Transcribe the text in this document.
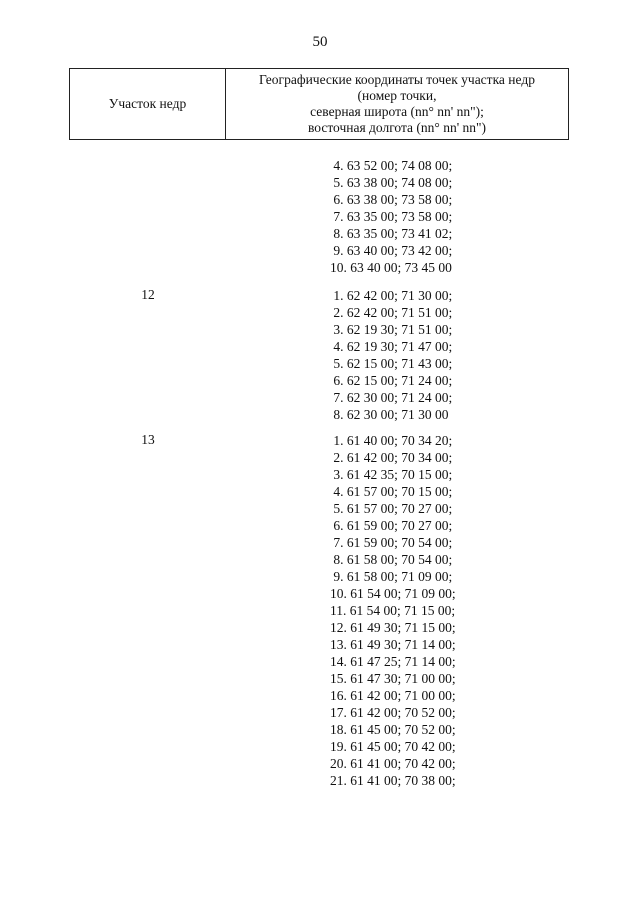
50
Участок недр
Географические координаты точек участка недр
(номер точки,
северная широта (nn° nn' nn");
восточная долгота (nn° nn' nn")
4. 63 52 00; 74 08 00;
5. 63 38 00; 74 08 00;
6. 63 38 00; 73 58 00;
7. 63 35 00; 73 58 00;
8. 63 35 00; 73 41 02;
9. 63 40 00; 73 42 00;
10. 63 40 00; 73 45 00
12	1. 62 42 00; 71 30 00;
2. 62 42 00; 71 51 00;
3. 62 19 30; 71 51 00;
4. 62 19 30; 71 47 00;
5. 62 15 00; 71 43 00;
6. 62 15 00; 71 24 00;
7. 62 30 00; 71 24 00;
8. 62 30 00; 71 30 00
13	1. 61 40 00; 70 34 20;
2. 61 42 00; 70 34 00;
3. 61 42 35; 70 15 00;
4. 61 57 00; 70 15 00;
5. 61 57 00; 70 27 00;
6. 61 59 00; 70 27 00;
7. 61 59 00; 70 54 00;
8. 61 58 00; 70 54 00;
9. 61 58 00; 71 09 00;
10. 61 54 00; 71 09 00;
11. 61 54 00; 71 15 00;
12. 61 49 30; 71 15 00;
13. 61 49 30; 71 14 00;
14. 61 47 25; 71 14 00;
15. 61 47 30; 71 00 00;
16. 61 42 00; 71 00 00;
17. 61 42 00; 70 52 00;
18. 61 45 00; 70 52 00;
19. 61 45 00; 70 42 00;
20. 61 41 00; 70 42 00;
21. 61 41 00; 70 38 00;
